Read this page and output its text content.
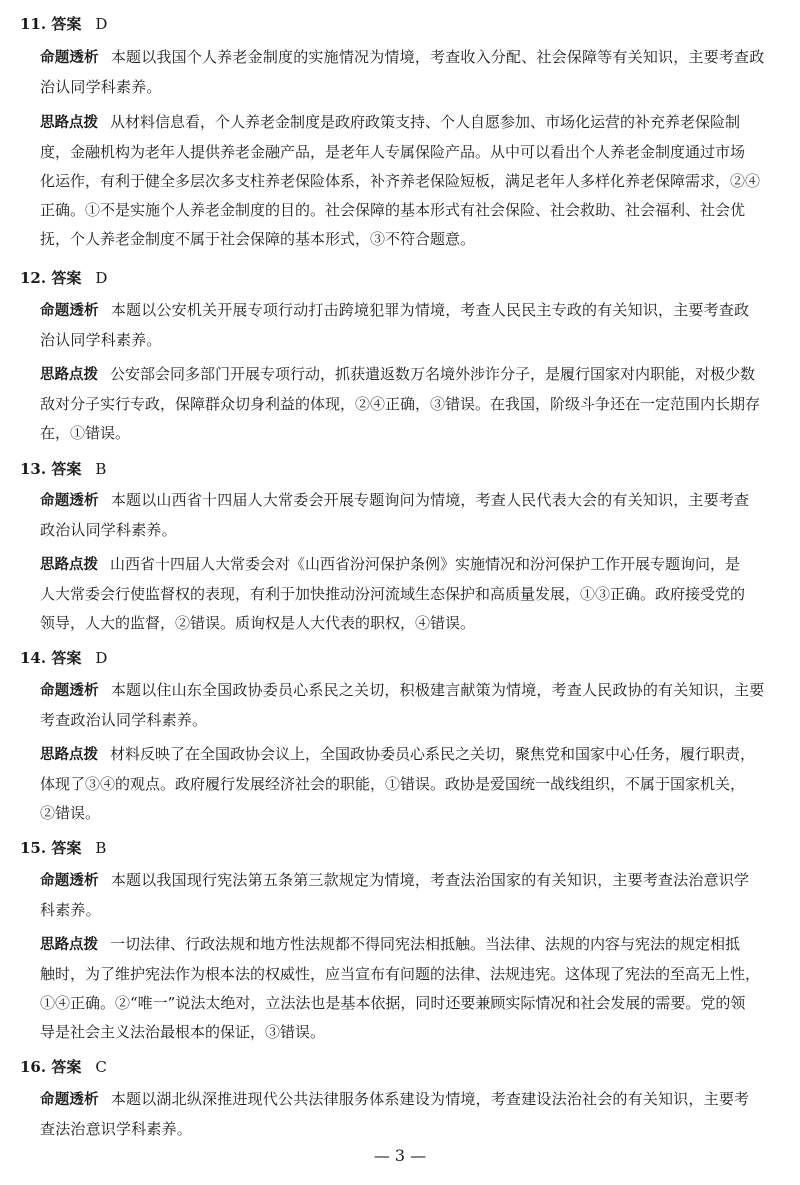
11. 答案 D
命题透析 本题以我国个人养老金制度的实施情况为情境，考查收入分配、社会保障等有关知识，主要考查政
治认同学科素养。
思路点拨 从材料信息看，个人养老金制度是政府政策支持、个人自愿参加、市场化运营的补充养老保险制
度，金融机构为老年人提供养老金融产品，是老年人专属保险产品。从中可以看出个人养老金制度通过市场
化运作，有利于健全多层次多支柱养老保险体系，补齐养老保险短板，满足老年人多样化养老保障需求，②④
正确。①不是实施个人养老金制度的目的。社会保障的基本形式有社会保险、社会救助、社会福利、社会优
抚，个人养老金制度不属于社会保障的基本形式，③不符合题意。
12. 答案 D
命题透析 本题以公安机关开展专项行动打击跨境犯罪为情境，考查人民民主专政的有关知识，主要考查政
治认同学科素养。
思路点拨 公安部会同多部门开展专项行动，抓获遣返数万名境外涉诈分子，是履行国家对内职能，对极少数
敌对分子实行专政，保障群众切身利益的体现，②④正确，③错误。在我国，阶级斗争还在一定范围内长期存
在，①错误。
13. 答案 B
命题透析 本题以山西省十四届人大常委会开展专题询问为情境，考查人民代表大会的有关知识，主要考查
政治认同学科素养。
思路点拨 山西省十四届人大常委会对《山西省汾河保护条例》实施情况和汾河保护工作开展专题询问，是
人大常委会行使监督权的表现，有利于加快推动汾河流域生态保护和高质量发展，①③正确。政府接受党的
领导，人大的监督，②错误。质询权是人大代表的职权，④错误。
14. 答案 D
命题透析 本题以住山东全国政协委员心系民之关切，积极建言献策为情境，考查人民政协的有关知识，主要
考查政治认同学科素养。
思路点拨 材料反映了在全国政协会议上，全国政协委员心系民之关切，聚焦党和国家中心任务，履行职责，
体现了③④的观点。政府履行发展经济社会的职能，①错误。政协是爱国统一战线组织，不属于国家机关，
②错误。
15. 答案 B
命题透析 本题以我国现行宪法第五条第三款规定为情境，考查法治国家的有关知识，主要考查法治意识学
科素养。
思路点拨 一切法律、行政法规和地方性法规都不得同宪法相抵触。当法律、法规的内容与宪法的规定相抵
触时，为了维护宪法作为根本法的权威性，应当宣布有问题的法律、法规违宪。这体现了宪法的至高无上性，
①④正确。②“唯一”说法太绝对，立法法也是基本依据，同时还要兼顾实际情况和社会发展的需要。党的领
导是社会主义法治最根本的保证，③错误。
16. 答案 C
命题透析 本题以湖北纵深推进现代公共法律服务体系建设为情境，考查建设法治社会的有关知识，主要考
查法治意识学科素养。
— 3 —
